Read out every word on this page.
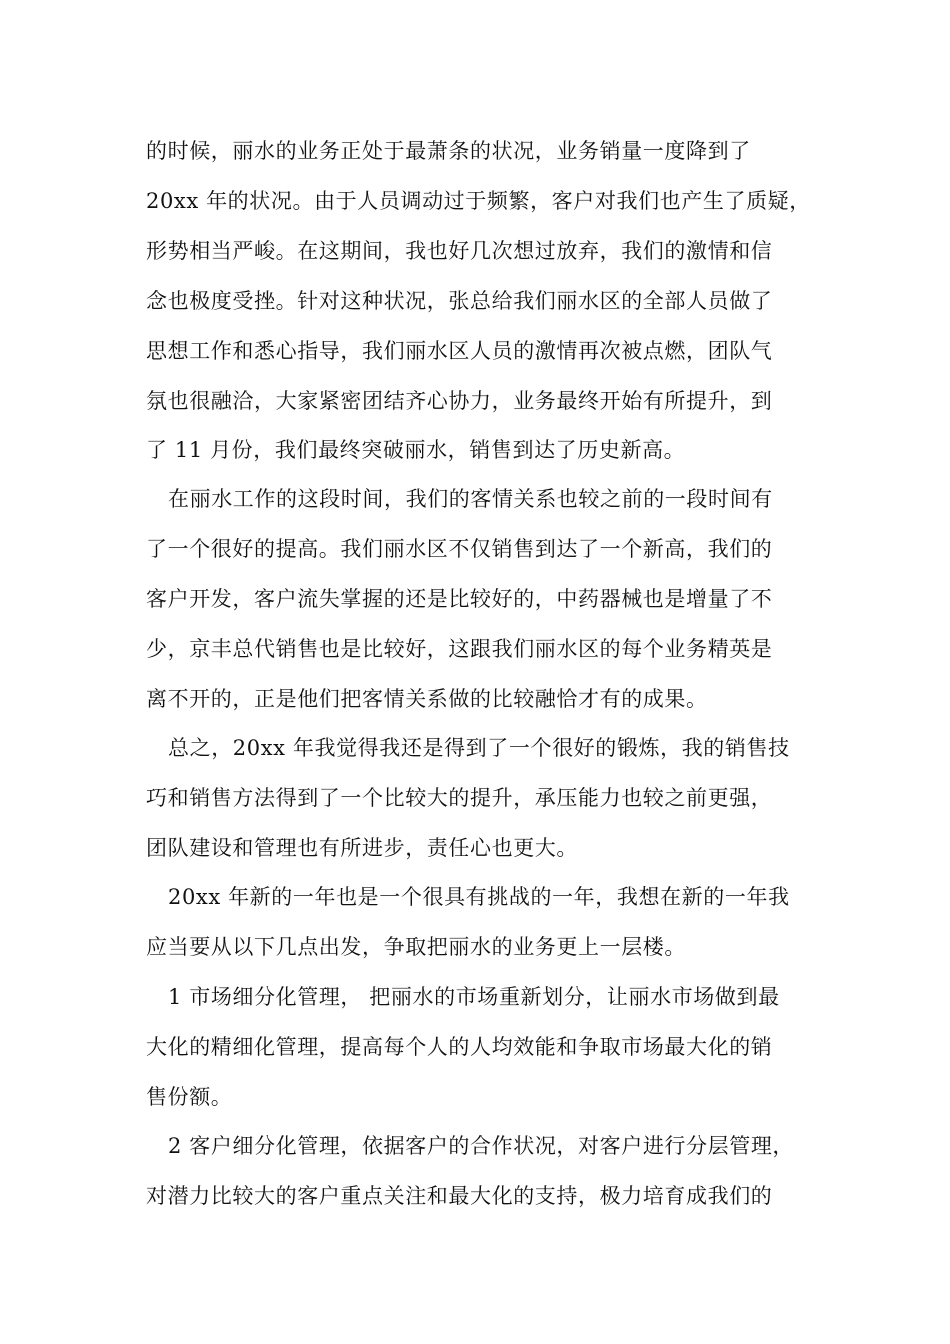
的时候，丽水的业务正处于最萧条的状况，业务销量一度降到了
20xx 年的状况。由于人员调动过于频繁，客户对我们也产生了质疑，
形势相当严峻。在这期间，我也好几次想过放弃，我们的激情和信
念也极度受挫。针对这种状况，张总给我们丽水区的全部人员做了
思想工作和悉心指导，我们丽水区人员的激情再次被点燃，团队气
氛也很融洽，大家紧密团结齐心协力，业务最终开始有所提升，到
了 11 月份，我们最终突破丽水，销售到达了历史新高。
在丽水工作的这段时间，我们的客情关系也较之前的一段时间有
了一个很好的提高。我们丽水区不仅销售到达了一个新高，我们的
客户开发，客户流失掌握的还是比较好的，中药器械也是增量了不
少，京丰总代销售也是比较好，这跟我们丽水区的每个业务精英是
离不开的，正是他们把客情关系做的比较融恰才有的成果。
总之，20xx 年我觉得我还是得到了一个很好的锻炼，我的销售技
巧和销售方法得到了一个比较大的提升，承压能力也较之前更强，
团队建设和管理也有所进步，责任心也更大。
20xx 年新的一年也是一个很具有挑战的一年，我想在新的一年我
应当要从以下几点出发，争取把丽水的业务更上一层楼。
1 市场细分化管理， 把丽水的市场重新划分，让丽水市场做到最
大化的精细化管理，提高每个人的人均效能和争取市场最大化的销
售份额。
2 客户细分化管理，依据客户的合作状况，对客户进行分层管理，
对潜力比较大的客户重点关注和最大化的支持，极力培育成我们的
